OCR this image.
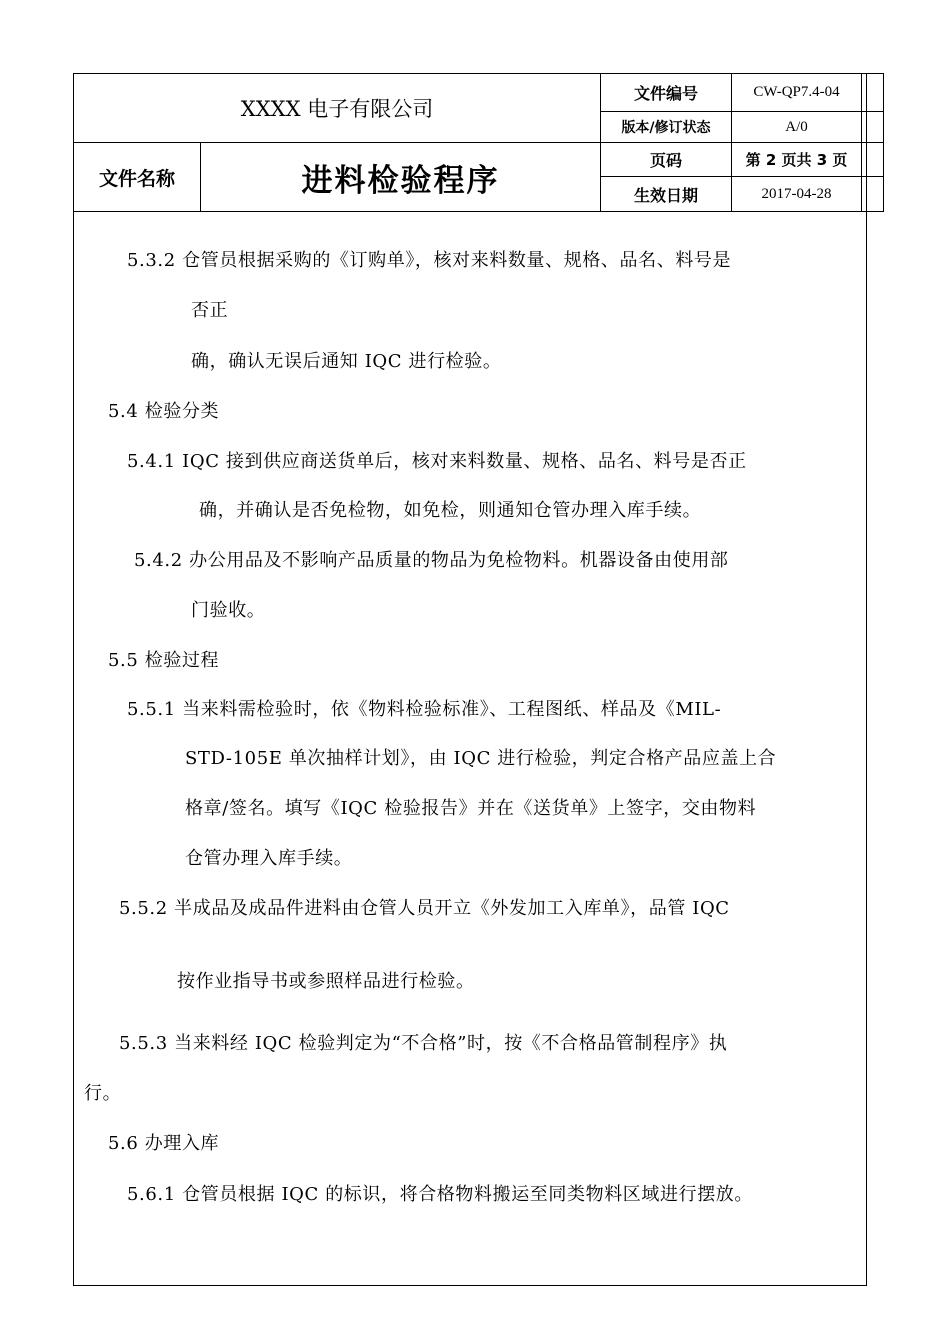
XXXX 电子有限公司		文件编号	CW-QP7.4-04	
		版本/修订状态	A/0	
文件名称	进料检验程序	页码	第 2 页共 3 页	
		生效日期	2017-04-28	
5.3.2 仓管员根据采购的《订购单》，核对来料数量、规格、品名、料号是
否正
确，确认无误后通知 IQC 进行检验。
5.4 检验分类
5.4.1 IQC 接到供应商送货单后，核对来料数量、规格、品名、料号是否正
确，并确认是否免检物，如免检，则通知仓管办理入库手续。
5.4.2 办公用品及不影响产品质量的物品为免检物料。机器设备由使用部
门验收。
5.5 检验过程
5.5.1 当来料需检验时，依《物料检验标准》、工程图纸、样品及《MIL-
STD-105E 单次抽样计划》，由 IQC 进行检验，判定合格产品应盖上合
格章/签名。填写《IQC 检验报告》并在《送货单》上签字，交由物料
仓管办理入库手续。
5.5.2 半成品及成品件进料由仓管人员开立《外发加工入库单》，品管 IQC
按作业指导书或参照样品进行检验。
5.5.3 当来料经 IQC 检验判定为“不合格”时，按《不合格品管制程序》执
行。
5.6 办理入库
5.6.1 仓管员根据 IQC 的标识，将合格物料搬运至同类物料区域进行摆放。
